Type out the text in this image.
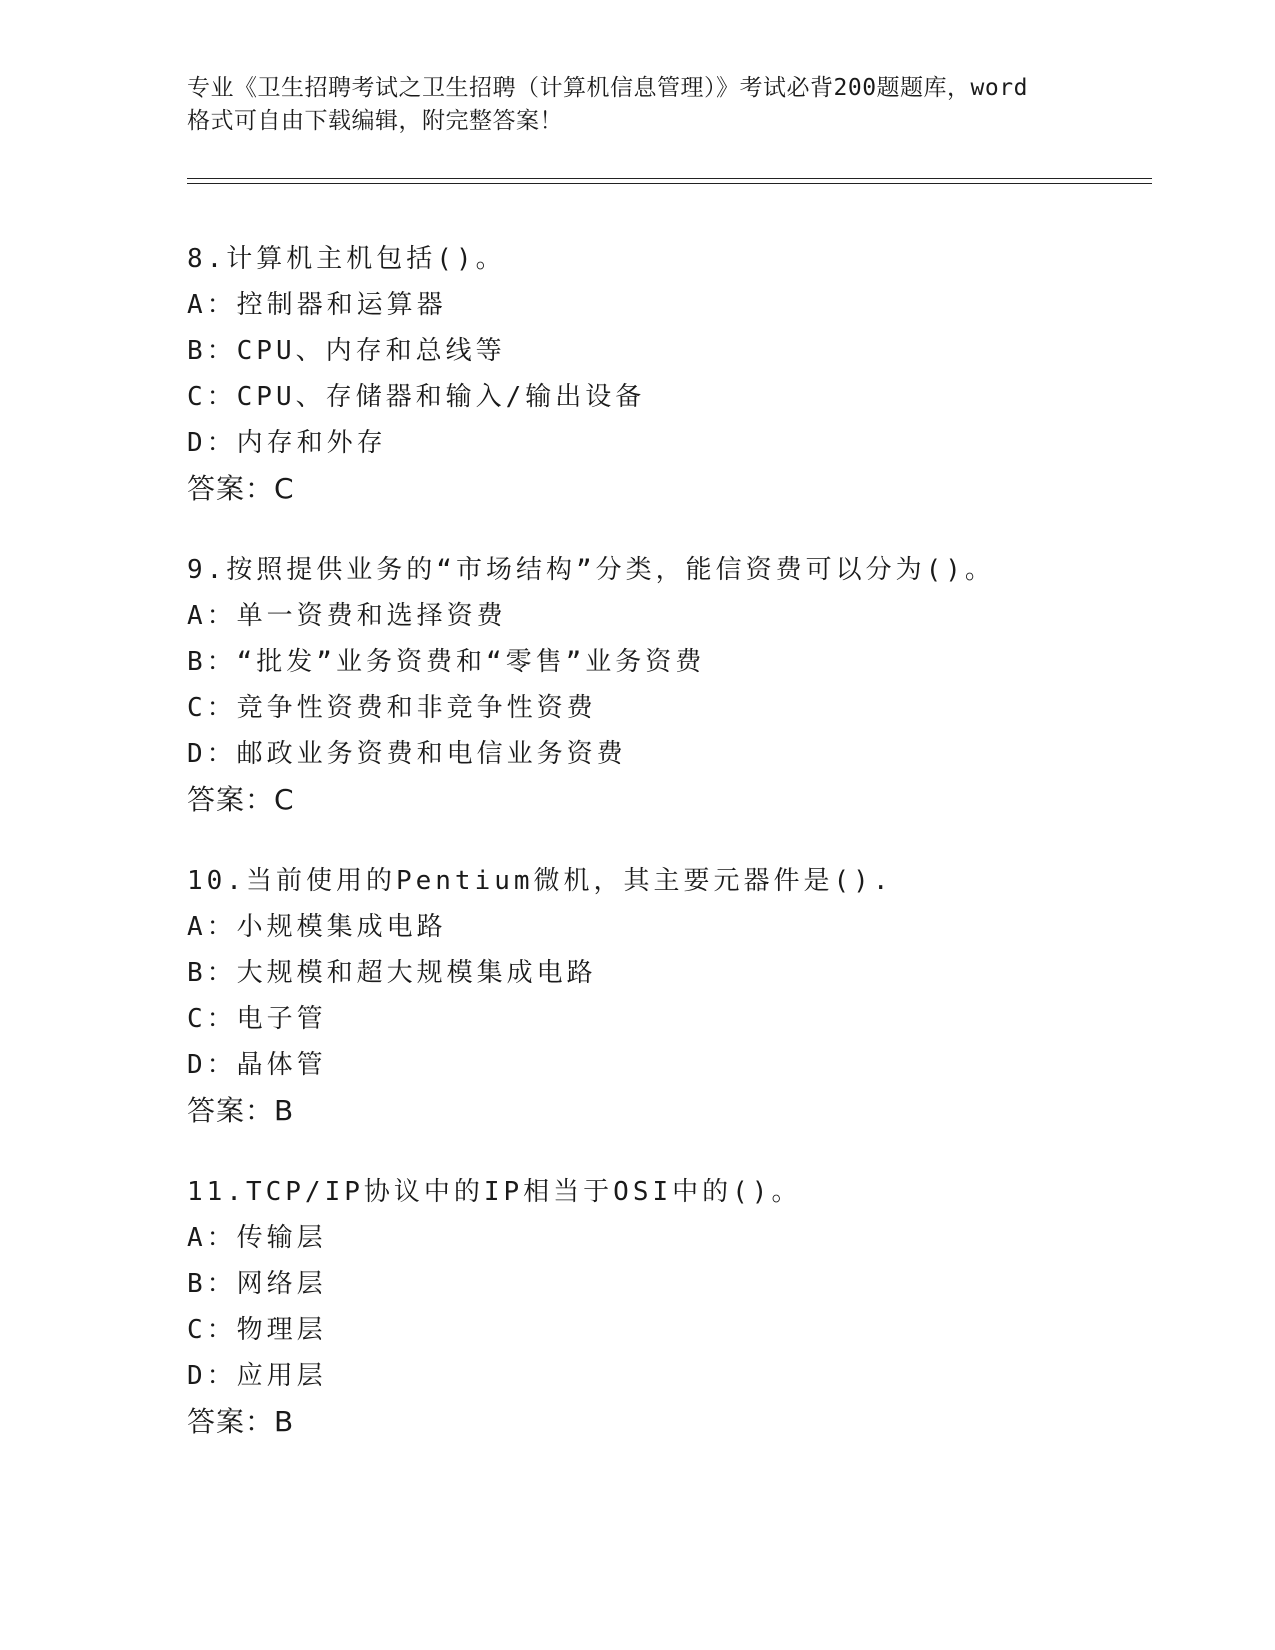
专业《卫生招聘考试之卫生招聘（计算机信息管理）》考试必背200题题库，word
格式可自由下载编辑，附完整答案！
8.计算机主机包括()。
A：控制器和运算器
B：CPU、内存和总线等
C：CPU、存储器和输入/输出设备
D：内存和外存
答案：C
9.按照提供业务的“市场结构”分类，能信资费可以分为()。
A：单一资费和选择资费
B：“批发”业务资费和“零售”业务资费
C：竞争性资费和非竞争性资费
D：邮政业务资费和电信业务资费
答案：C
10.当前使用的Pentium微机，其主要元器件是().
A：小规模集成电路
B：大规模和超大规模集成电路
C：电子管
D：晶体管
答案：B
11.TCP/IP协议中的IP相当于OSI中的()。
A：传输层
B：网络层
C：物理层
D：应用层
答案：B
